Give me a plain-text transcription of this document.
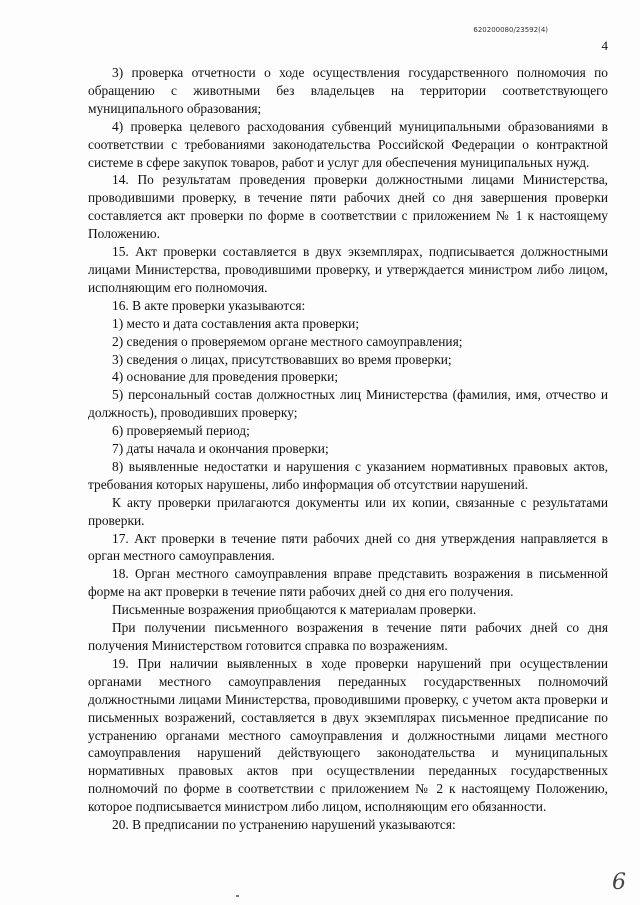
620200080/23592(4)
4

3) проверка отчетности о ходе осуществления государственного полномочия по обращению с животными без владельцев на территории соответствующего муниципального образования;

4) проверка целевого расходования субвенций муниципальными образованиями в соответствии с требованиями законодательства Российской Федерации о контрактной системе в сфере закупок товаров, работ и услуг для обеспечения муниципальных нужд.

14. По результатам проведения проверки должностными лицами Министерства, проводившими проверку, в течение пяти рабочих дней со дня завершения проверки составляется акт проверки по форме в соответствии с приложением № 1 к настоящему Положению.

15. Акт проверки составляется в двух экземплярах, подписывается должностными лицами Министерства, проводившими проверку, и утверждается министром либо лицом, исполняющим его полномочия.

16. В акте проверки указываются:

1) место и дата составления акта проверки;

2) сведения о проверяемом органе местного самоуправления;

3) сведения о лицах, присутствовавших во время проверки;

4) основание для проведения проверки;

5) персональный состав должностных лиц Министерства (фамилия, имя, отчество и должность), проводивших проверку;

6) проверяемый период;

7) даты начала и окончания проверки;

8) выявленные недостатки и нарушения с указанием нормативных правовых актов, требования которых нарушены, либо информация об отсутствии нарушений.

К акту проверки прилагаются документы или их копии, связанные с результатами проверки.

17. Акт проверки в течение пяти рабочих дней со дня утверждения направляется в орган местного самоуправления.

18. Орган местного самоуправления вправе представить возражения в письменной форме на акт проверки в течение пяти рабочих дней со дня его получения.

Письменные возражения приобщаются к материалам проверки.

При получении письменного возражения в течение пяти рабочих дней со дня получения Министерством готовится справка по возражениям.

19. При наличии выявленных в ходе проверки нарушений при осуществлении органами местного самоуправления переданных государственных полномочий должностными лицами Министерства, проводившими проверку, с учетом акта проверки и письменных возражений, составляется в двух экземплярах письменное предписание по устранению органами местного самоуправления и должностными лицами местного самоуправления нарушений действующего законодательства и муниципальных нормативных правовых актов при осуществлении переданных государственных полномочий по форме в соответствии с приложением № 2 к настоящему Положению, которое подписывается министром либо лицом, исполняющим его обязанности.

20. В предписании по устранению нарушений указываются:

6
